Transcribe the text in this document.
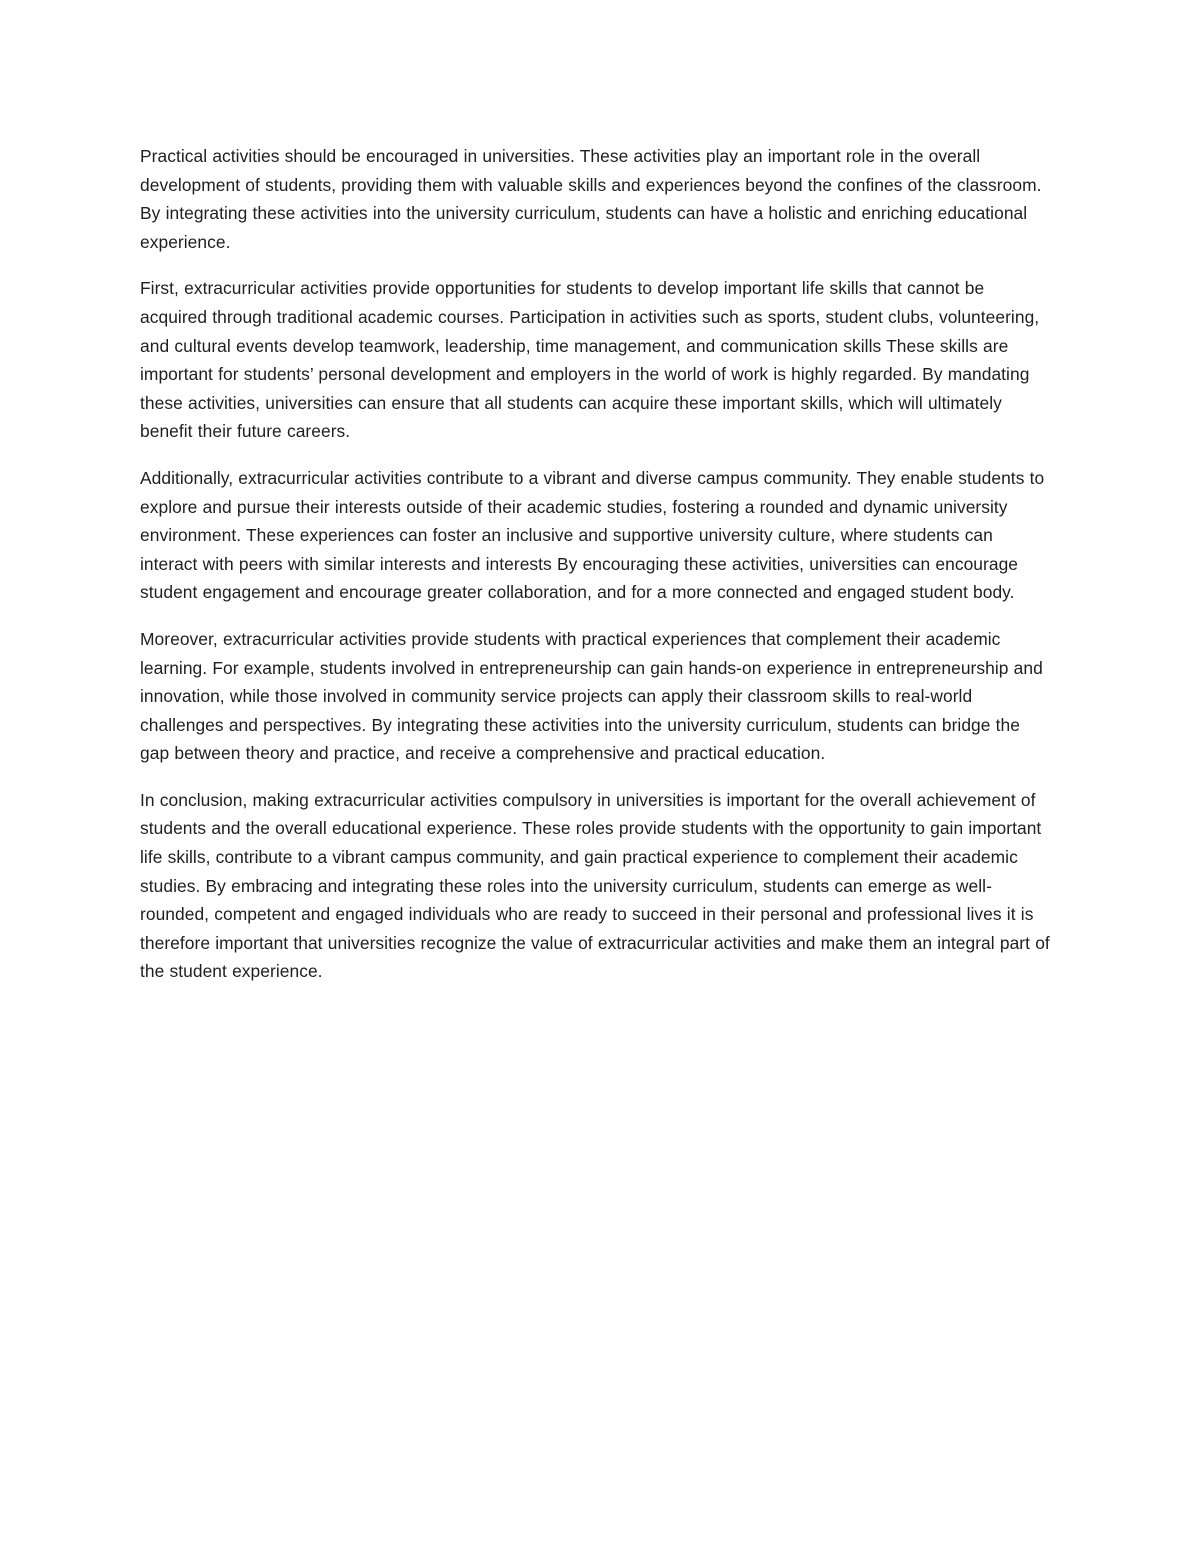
Practical activities should be encouraged in universities. These activities play an important role in the overall development of students, providing them with valuable skills and experiences beyond the confines of the classroom. By integrating these activities into the university curriculum, students can have a holistic and enriching educational experience.

First, extracurricular activities provide opportunities for students to develop important life skills that cannot be acquired through traditional academic courses. Participation in activities such as sports, student clubs, volunteering, and cultural events develop teamwork, leadership, time management, and communication skills These skills are important for students’ personal development and employers in the world of work is highly regarded. By mandating these activities, universities can ensure that all students can acquire these important skills, which will ultimately benefit their future careers.

Additionally, extracurricular activities contribute to a vibrant and diverse campus community. They enable students to explore and pursue their interests outside of their academic studies, fostering a rounded and dynamic university environment. These experiences can foster an inclusive and supportive university culture, where students can interact with peers with similar interests and interests By encouraging these activities, universities can encourage student engagement and encourage greater collaboration, and for a more connected and engaged student body.

Moreover, extracurricular activities provide students with practical experiences that complement their academic learning. For example, students involved in entrepreneurship can gain hands-on experience in entrepreneurship and innovation, while those involved in community service projects can apply their classroom skills to real-world challenges and perspectives. By integrating these activities into the university curriculum, students can bridge the gap between theory and practice, and receive a comprehensive and practical education.

In conclusion, making extracurricular activities compulsory in universities is important for the overall achievement of students and the overall educational experience. These roles provide students with the opportunity to gain important life skills, contribute to a vibrant campus community, and gain practical experience to complement their academic studies. By embracing and integrating these roles into the university curriculum, students can emerge as well-rounded, competent and engaged individuals who are ready to succeed in their personal and professional lives it is therefore important that universities recognize the value of extracurricular activities and make them an integral part of the student experience.
